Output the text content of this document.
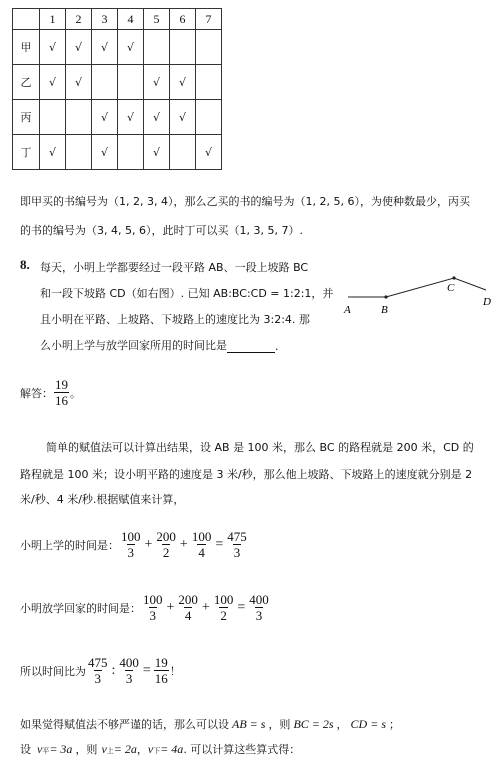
	1	2	3	4	5	6	7
甲	√	√	√	√			
乙	√	√			√	√	
丙			√	√	√	√	
丁	√		√		√		√
即甲买的书编号为（1, 2, 3, 4），那么乙买的书的编号为（1, 2, 5, 6），为使种数最少，丙买
的书的编号为（3, 4, 5, 6），此时丁可以买（1, 3, 5, 7）.
8. 每天，小明上学都要经过一段平路 AB、一段上坡路 BC
和一段下坡路 CD（如右图）. 已知 AB:BC:CD = 1:2:1，并
且小明在平路、上坡路、下坡路上的速度比为 3:2:4. 那
么小明上学与放学回家所用的时间比是	.
A	B
C
D
解答： $\frac{19}{16}$ 。
简单的赋值法可以计算出结果，设 AB 是 100 米，那么 BC 的路程就是 200 米，CD 的
路程就是 100 米；设小明平路的速度是 3 米/秒，那么他上坡路、下坡路上的速度就分别是 2
米/秒、4 米/秒.根据赋值来计算，
小明上学的时间是： $\frac{100}{3} + \frac{200}{2} + \frac{100}{4} = \frac{475}{3}$
小明放学回家的时间是： $\frac{100}{3} + \frac{200}{4} + \frac{100}{2} = \frac{400}{3}$
所以时间比为 $\frac{475}{3}$ : $\frac{400}{3} = \frac{19}{16}$ ！
如果觉得赋值法不够严谨的话，那么可以设 AB = s ，则 BC = 2s ， CD = s ；
设 v 平 = 3a ，则 v 上 = 2a ， v 下 = 4a . 可以计算这些算式得：
